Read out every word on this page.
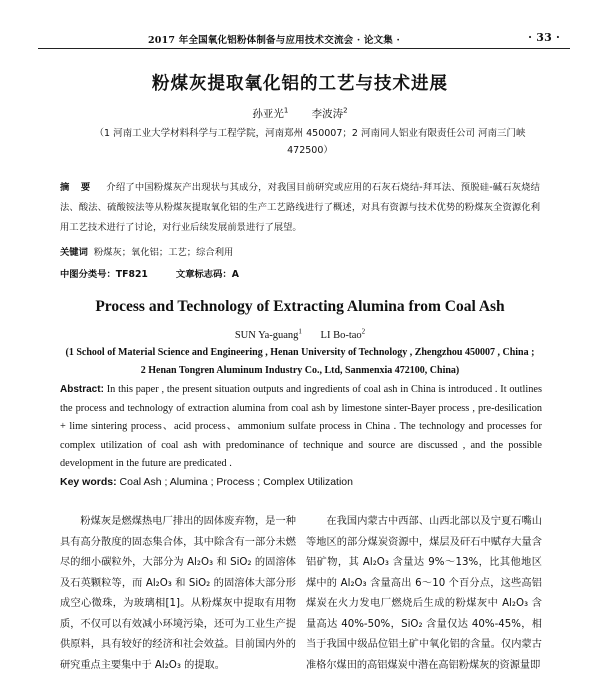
2017 年全国氧化铝粉体制备与应用技术交流会 · 论文集 ·	· 33 ·
粉煤灰提取氧化铝的工艺与技术进展
孙亚光$^1$ 李波涛$^2$
（1 河南工业大学材料科学与工程学院，河南郑州 450007；2 河南同人铝业有限责任公司 河南三门峡 472500）
摘 要 介绍了中国粉煤灰产出现状与其成分，对我国目前研究或应用的石灰石烧结-拜耳法、预脱硅-碱石灰烧结法、酸法、硫酸铵法等从粉煤灰提取氧化铝的生产工艺路线进行了概述，对具有资源与技术优势的粉煤灰全资源化利用工艺技术进行了讨论，对行业后续发展前景进行了展望。
关键词 粉煤灰；氧化铝；工艺；综合利用
中图分类号：TF821	文章标志码：A
Process and Technology of Extracting Alumina from Coal Ash
SUN Ya-guang$^1$ LI Bo-tao$^2$
(1 School of Material Science and Engineering , Henan University of Technology , Zhengzhou 450007 , China ;
2 Henan Tongren Aluminum Industry Co., Ltd, Sanmenxia 472100, China)
Abstract: In this paper , the present situation outputs and ingredients of coal ash in China is introduced . It outlines the process and technology of extraction alumina from coal ash by limestone sinter-Bayer process , pre-desilication + lime sintering process、acid process、ammonium sulfate process in China . The technology and processes for complex utilization of coal ash with predominance of technique and source are discussed , and the possible development in the future are predicated .
Key words: Coal Ash ; Alumina ; Process ; Complex Utilization

粉煤灰是燃煤热电厂排出的固体废弃物，是一种具有高分散度的固态集合体，其中除含有一部分未燃尽的细小碳粒外，大部分为 Al₂O₃ 和 SiO₂ 的固溶体及石英颗粒等，而 Al₂O₃ 和 SiO₂ 的固溶体大部分形成空心微珠，为玻璃相[1]。从粉煤灰中提取有用物质，不仅可以有效减小环境污染，还可为工业生产提供原料，具有较好的经济和社会效益。目前国内外的研究重点主要集中于 Al₂O₃ 的提取。

在我国内蒙古中西部、山西北部以及宁夏石嘴山等地区的部分煤炭资源中，煤层及矸石中赋存大量含铝矿物，其 Al₂O₃ 含量达 9%～13%，比其他地区煤中的 Al₂O₃ 含量高出 6～10 个百分点，这些高铝煤炭在火力发电厂燃烧后生成的粉煤灰中 Al₂O₃ 含量高达 40%-50%，SiO₂ 含量仅达 40%-45%，相当于我国中级品位铝土矿中氧化铝的含量。仅内蒙古准格尔煤田的高铝煤炭中潜在高铝粉煤灰的资源量即
